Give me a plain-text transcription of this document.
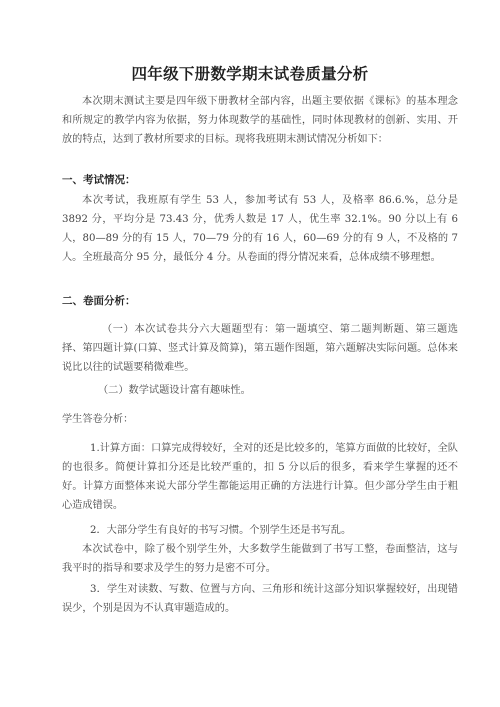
四年级下册数学期末试卷质量分析
本次期末测试主要是四年级下册教材全部内容，出题主要依据《课标》的基本理念和所规定的教学内容为依据，努力体现数学的基础性，同时体现教材的创新、实用、开放的特点，达到了教材所要求的目标。现将我班期末测试情况分析如下：
一、考试情况：
本次考试，我班原有学生 53 人，参加考试有 53 人，及格率 86.6.%，总分是 3892 分，平均分是 73.43 分，优秀人数是 17 人，优生率 32.1%。90 分以上有 6 人，80—89 分的有 15 人，70—79 分的有 16 人，60—69 分的有 9 人，不及格的 7 人。全班最高分 95 分，最低分 4 分。从卷面的得分情况来看，总体成绩不够理想。
二、卷面分析：
（一）本次试卷共分六大题题型有：第一题填空、第二题判断题、第三题选择、第四题计算(口算、竖式计算及简算)，第五题作图题，第六题解决实际问题。总体来说比以往的试题要稍微难些。
（二）数学试题设计富有趣味性。
学生答卷分析：
1.计算方面：口算完成得较好，全对的还是比较多的，笔算方面做的比较好，全队的也很多。简便计算扣分还是比较严重的，扣 5 分以后的很多，看来学生掌握的还不好。计算方面整体来说大部分学生都能运用正确的方法进行计算。但少部分学生由于粗心造成错误。
2．大部分学生有良好的书写习惯。个别学生还是书写乱。
本次试卷中，除了极个别学生外，大多数学生能做到了书写工整，卷面整洁，这与我平时的指导和要求及学生的努力是密不可分。
3．学生对读数、写数、位置与方向、三角形和统计这部分知识掌握较好，出现错误少，个别是因为不认真审题造成的。
